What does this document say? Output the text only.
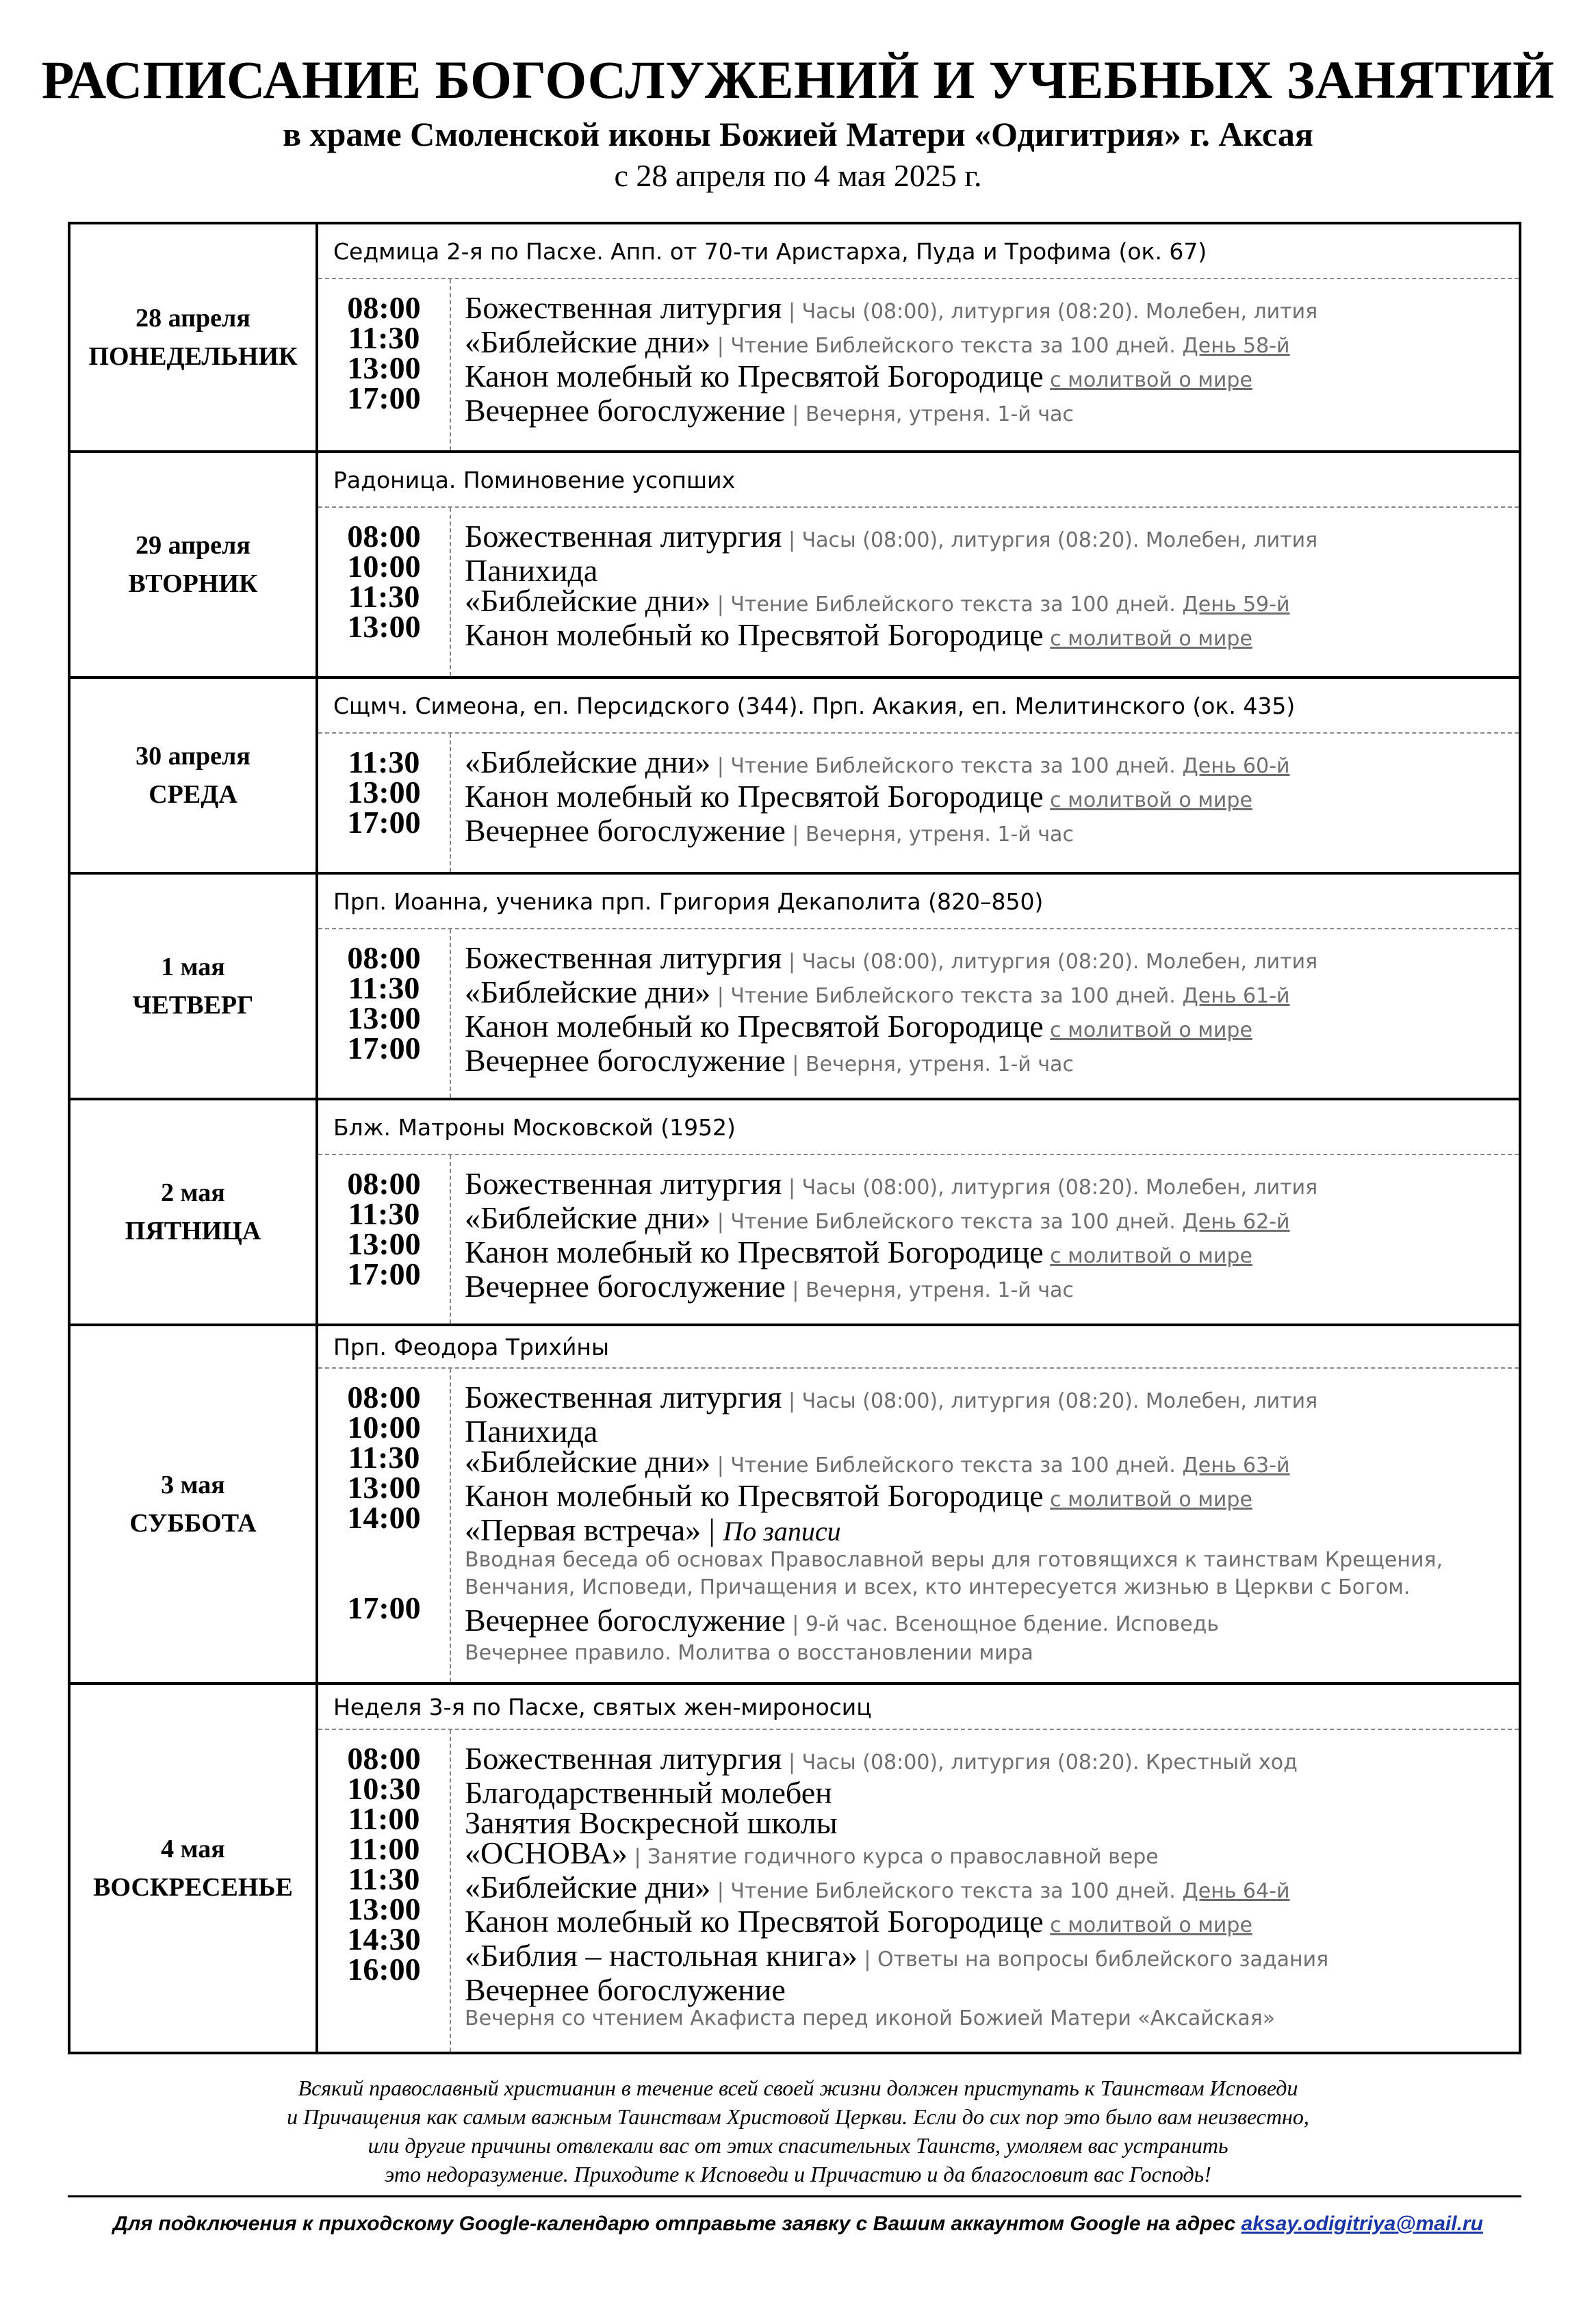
РАСПИСАНИЕ БОГОСЛУЖЕНИЙ И УЧЕБНЫХ ЗАНЯТИЙ
в храме Смоленской иконы Божией Матери «Одигитрия» г. Аксая
с 28 апреля по 4 мая 2025 г.
28 апреля
ПОНЕДЕЛЬНИК
Седмица 2-я по Пасхе. Апп. от 70-ти Аристарха, Пуда и Трофима (ок. 67)
08:00
11:30
13:00
17:00
Божественная литургия | Часы (08:00), литургия (08:20). Молебен, лития
«Библейские дни» | Чтение Библейского текста за 100 дней. День 58-й
Канон молебный ко Пресвятой Богородице с молитвой о мире
Вечернее богослужение | Вечерня, утреня. 1-й час
29 апреля
ВТОРНИК
Радоница. Поминовение усопших
08:00
10:00
11:30
13:00
Божественная литургия | Часы (08:00), литургия (08:20). Молебен, лития
Панихида
«Библейские дни» | Чтение Библейского текста за 100 дней. День 59-й
Канон молебный ко Пресвятой Богородице с молитвой о мире
30 апреля
СРЕДА
Сщмч. Симеона, еп. Персидского (344). Прп. Акакия, еп. Мелитинского (ок. 435)
11:30
13:00
17:00
«Библейские дни» | Чтение Библейского текста за 100 дней. День 60-й
Канон молебный ко Пресвятой Богородице с молитвой о мире
Вечернее богослужение | Вечерня, утреня. 1-й час
1 мая
ЧЕТВЕРГ
Прп. Иоанна, ученика прп. Григория Декаполита (820–850)
08:00
11:30
13:00
17:00
Божественная литургия | Часы (08:00), литургия (08:20). Молебен, лития
«Библейские дни» | Чтение Библейского текста за 100 дней. День 61-й
Канон молебный ко Пресвятой Богородице с молитвой о мире
Вечернее богослужение | Вечерня, утреня. 1-й час
2 мая
ПЯТНИЦА
Блж. Матроны Московской (1952)
08:00
11:30
13:00
17:00
Божественная литургия | Часы (08:00), литургия (08:20). Молебен, лития
«Библейские дни» | Чтение Библейского текста за 100 дней. День 62-й
Канон молебный ко Пресвятой Богородице с молитвой о мире
Вечернее богослужение | Вечерня, утреня. 1-й час
3 мая
СУББОТА
Прп. Феодора Трихи́ны
08:00
10:00
11:30
13:00
14:00
17:00
Божественная литургия | Часы (08:00), литургия (08:20). Молебен, лития
Панихида
«Библейские дни» | Чтение Библейского текста за 100 дней. День 63-й
Канон молебный ко Пресвятой Богородице с молитвой о мире
«Первая встреча» | По записи
Вводная беседа об основах Православной веры для готовящихся к таинствам Крещения,
Венчания, Исповеди, Причащения и всех, кто интересуется жизнью в Церкви с Богом.
Вечернее богослужение | 9-й час. Всенощное бдение. Исповедь
Вечернее правило. Молитва о восстановлении мира
4 мая
ВОСКРЕСЕНЬЕ
Неделя 3-я по Пасхе, святых жен-мироносиц
08:00
10:30
11:00
11:00
11:30
13:00
14:30
16:00
Божественная литургия | Часы (08:00), литургия (08:20). Крестный ход
Благодарственный молебен
Занятия Воскресной школы
«ОСНОВА» | Занятие годичного курса о православной вере
«Библейские дни» | Чтение Библейского текста за 100 дней. День 64-й
Канон молебный ко Пресвятой Богородице с молитвой о мире
«Библия – настольная книга» | Ответы на вопросы библейского задания
Вечернее богослужение
Вечерня со чтением Акафиста перед иконой Божией Матери «Аксайская»
Всякий православный христианин в течение всей своей жизни должен приступать к Таинствам Исповеди
и Причащения как самым важным Таинствам Христовой Церкви. Если до сих пор это было вам неизвестно,
или другие причины отвлекали вас от этих спасительных Таинств, умоляем вас устранить
это недоразумение. Приходите к Исповеди и Причастию и да благословит вас Господь!
Для подключения к приходскому Google-календарю отправьте заявку с Вашим аккаунтом Google на адрес aksay.odigitriya@mail.ru
